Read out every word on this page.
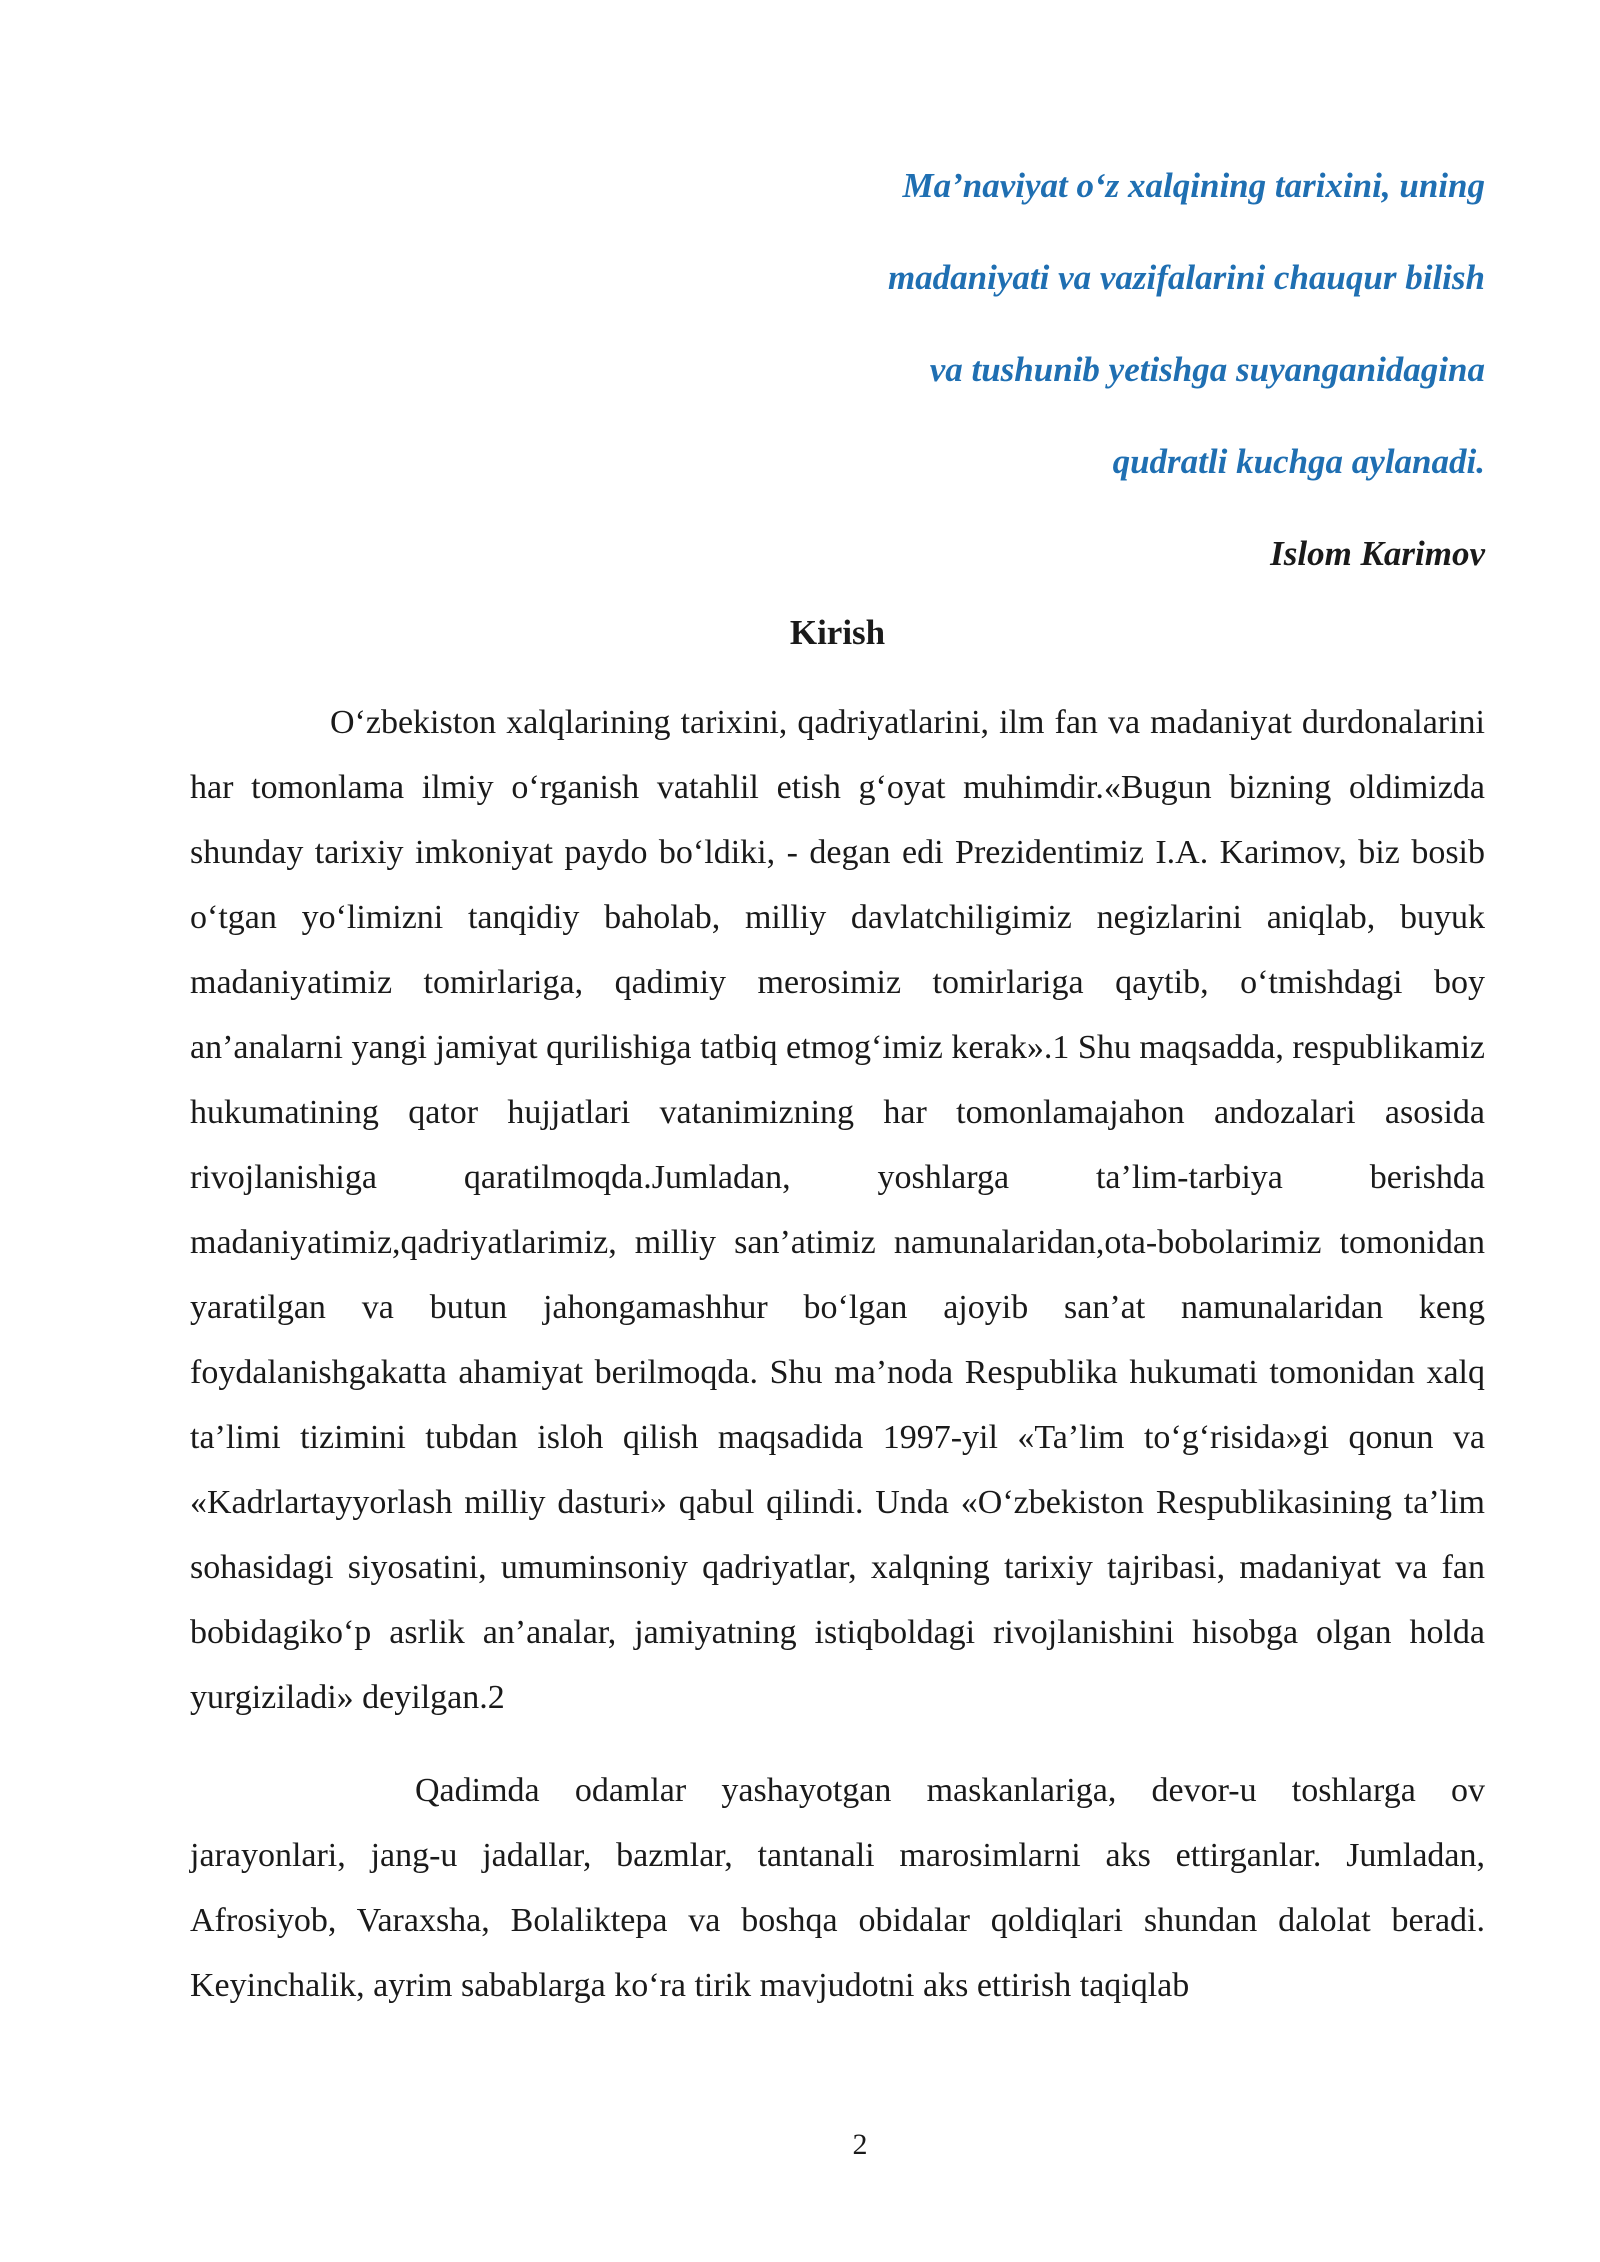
Ma’naviyat o‘z xalqining tarixini, uning
madaniyati va vazifalarini chauqur bilish
va tushunib yetishga suyanganidagina
qudratli kuchga aylanadi.
Islom Karimov
Kirish

O‘zbekiston xalqlarining tarixini, qadriyatlarini, ilm fan va madaniyat durdonalarini har tomonlama ilmiy o‘rganish vatahlil etish g‘oyat muhimdir.«Bugun bizning oldimizda shunday tarixiy imkoniyat paydo bo‘ldiki, - degan edi Prezidentimiz I.A. Karimov, biz bosib o‘tgan yo‘limizni tanqidiy baholab, milliy davlatchiligimiz negizlarini aniqlab, buyuk madaniyatimiz tomirlariga, qadimiy merosimiz tomirlariga qaytib, o‘tmishdagi boy an’analarni yangi jamiyat qurilishiga tatbiq etmog‘imiz kerak».1 Shu maqsadda, respublikamiz hukumatining qator hujjatlari vatanimizning har tomonlamajahon andozalari asosida rivojlanishiga qaratilmoqda.Jumladan, yoshlarga ta’lim-tarbiya berishda madaniyatimiz,qadriyatlarimiz, milliy san’atimiz namunalaridan,ota-bobolarimiz tomonidan yaratilgan va butun jahongamashhur bo‘lgan ajoyib san’at namunalaridan keng foydalanishgakatta ahamiyat berilmoqda. Shu ma’noda Respublika hukumati tomonidan xalq ta’limi tizimini tubdan isloh qilish maqsadida 1997-yil «Ta’lim to‘g‘risida»gi qonun va «Kadrlartayyorlash milliy dasturi» qabul qilindi. Unda «O‘zbekiston Respublikasining ta’lim sohasidagi siyosatini, umuminsoniy qadriyatlar, xalqning tarixiy tajribasi, madaniyat va fan bobidagiko‘p asrlik an’analar, jamiyatning istiqboldagi rivojlanishini hisobga olgan holda yurgiziladi» deyilgan.2

Qadimda odamlar yashayotgan maskanlariga, devor-u toshlarga ov jarayonlari, jang-u jadallar, bazmlar, tantanali marosimlarni aks ettirganlar. Jumladan, Afrosiyob, Varaxsha, Bolaliktepa va boshqa obidalar qoldiqlari shundan dalolat beradi. Keyinchalik, ayrim sabablarga ko‘ra tirik mavjudotni aks ettirish taqiqlab

2
